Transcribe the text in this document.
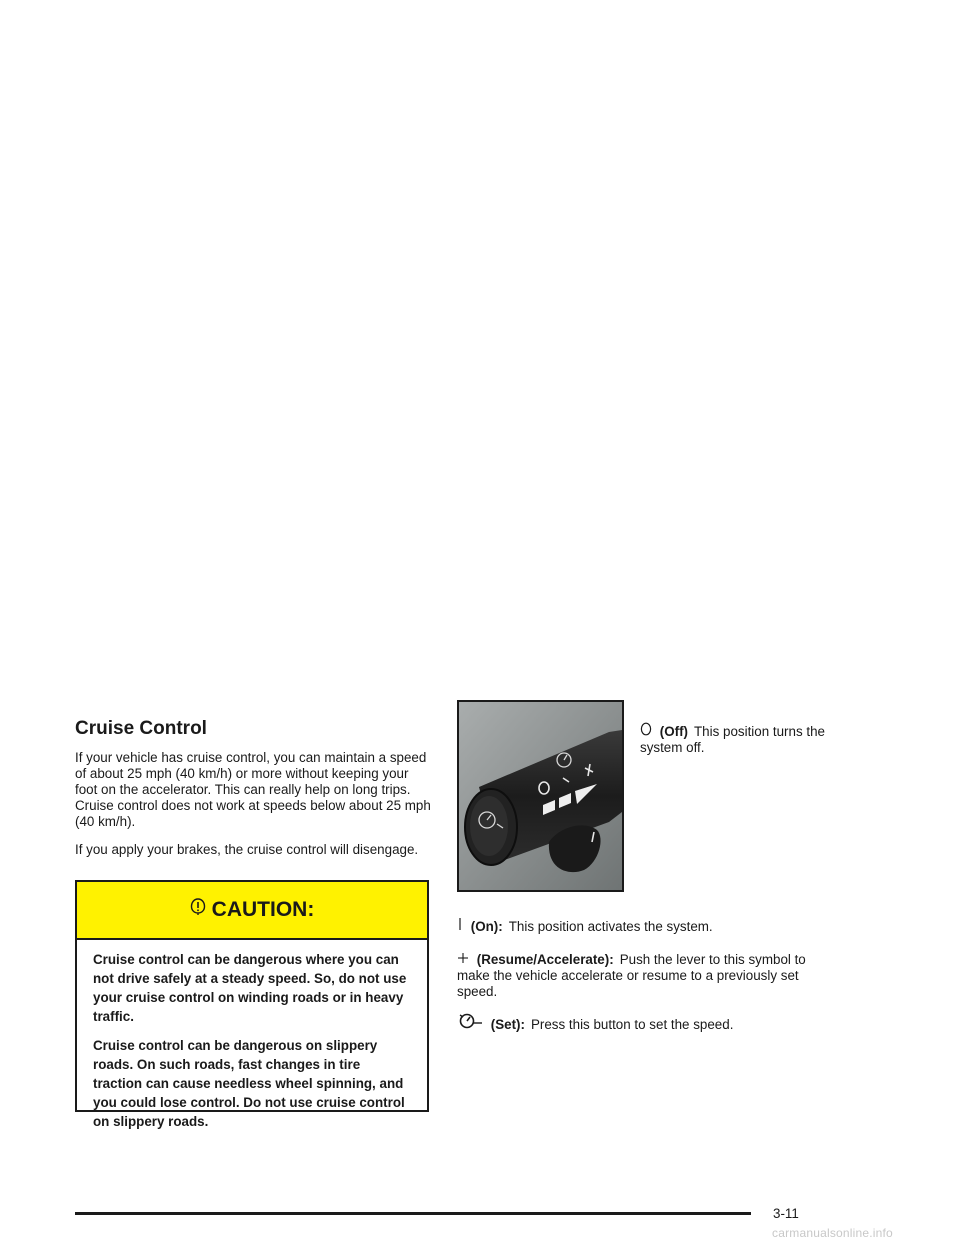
Cruise Control

If your vehicle has cruise control, you can maintain a speed of about 25 mph (40 km/h) or more without keeping your foot on the accelerator. This can really help on long trips. Cruise control does not work at speeds below about 25 mph (40 km/h).

If you apply your brakes, the cruise control will disengage.

CAUTION:

Cruise control can be dangerous where you can not drive safely at a steady speed. So, do not use your cruise control on winding roads or in heavy traffic.

Cruise control can be dangerous on slippery roads. On such roads, fast changes in tire traction can cause needless wheel spinning, and you could lose control. Do not use cruise control on slippery roads.

(Off) This position turns the system off.
(On): This position activates the system.
(Resume/Accelerate): Push the lever to this symbol to make the vehicle accelerate or resume to a previously set speed.
(Set): Press this button to set the speed.
3-11
carmanualsonline.info
